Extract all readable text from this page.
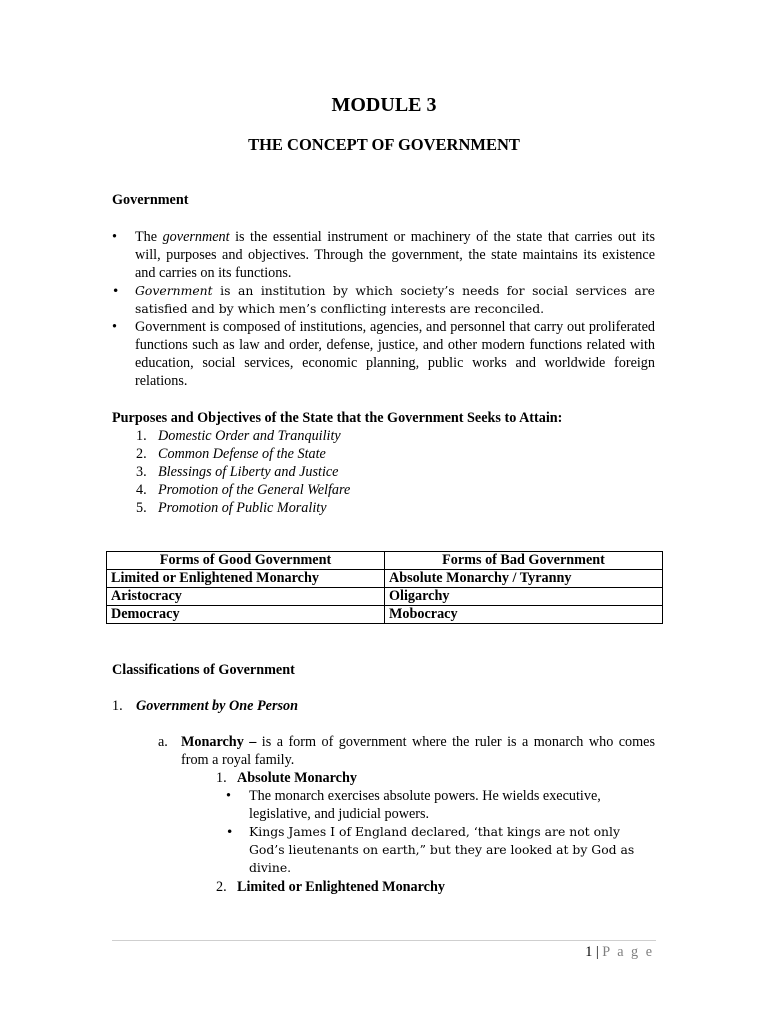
MODULE 3
THE CONCEPT OF GOVERNMENT

Government

• The government is the essential instrument or machinery of the state that carries out its will, purposes and objectives. Through the government, the state maintains its existence and carries on its functions.
• Government is an institution by which society’s needs for social services are satisfied and by which men’s conflicting interests are reconciled.
• Government is composed of institutions, agencies, and personnel that carry out proliferated functions such as law and order, defense, justice, and other modern functions related with education, social services, economic planning, public works and worldwide foreign relations.

Purposes and Objectives of the State that the Government Seeks to Attain:

1. Domestic Order and Tranquility
2. Common Defense of the State
3. Blessings of Liberty and Justice
4. Promotion of the General Welfare
5. Promotion of Public Morality
Forms of Good Government	Forms of Bad Government
Limited or Enlightened Monarchy	Absolute Monarchy / Tyranny
Aristocracy	Oligarchy
Democracy	Mobocracy

Classifications of Government

1. Government by One Person
a. Monarchy – is a form of government where the ruler is a monarch who comes from a royal family.
1. Absolute Monarchy
• The monarch exercises absolute powers. He wields executive, legislative, and judicial powers.
• Kings James I of England declared, ‘that kings are not only God’s lieutenants on earth,” but they are looked at by God as divine.
2. Limited or Enlightened Monarchy
1 | P a g e
